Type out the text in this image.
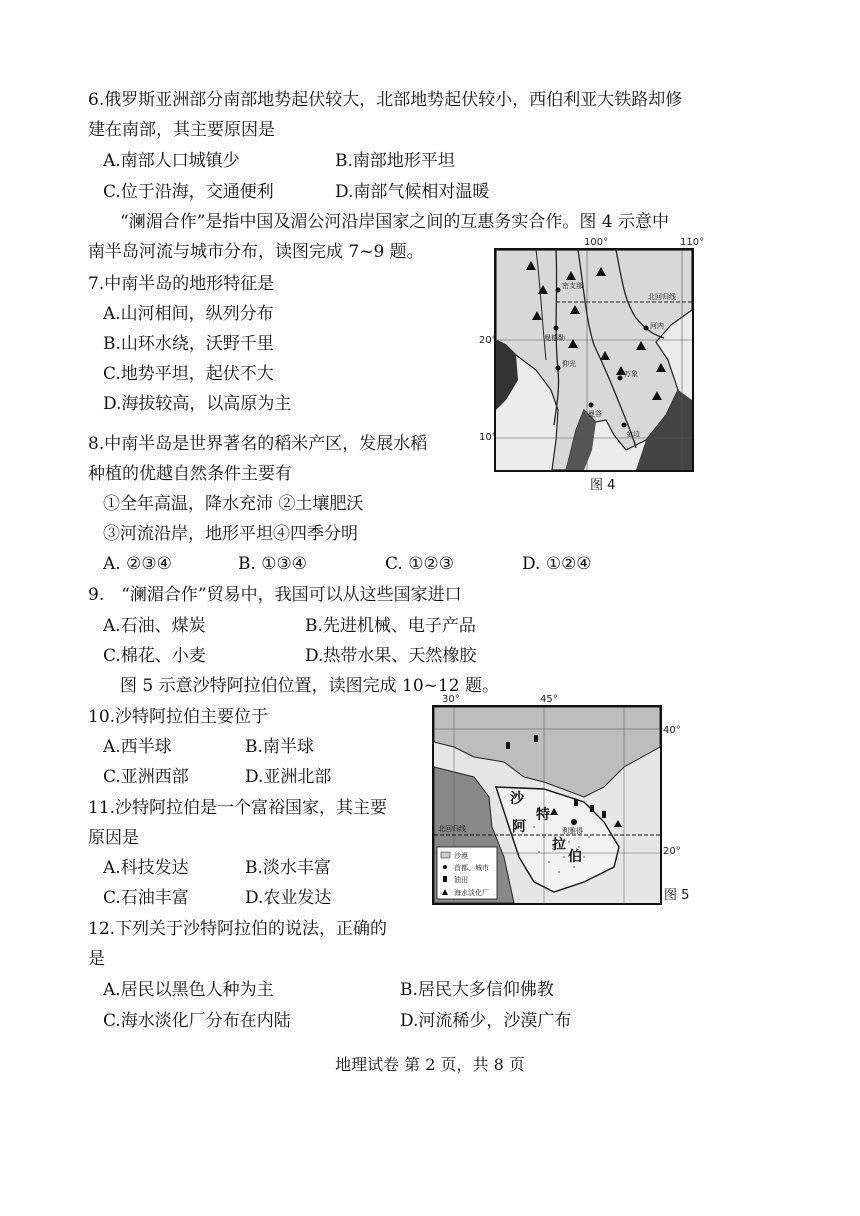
6.俄罗斯亚洲部分南部地势起伏较大，北部地势起伏较小，西伯利亚大铁路却修
建在南部，其主要原因是
A.南部人口城镇少	B.南部地形平坦
C.位于沿海，交通便利	D.南部气候相对温暖
“澜湄合作”是指中国及湄公河沿岸国家之间的互惠务实合作。图 4 示意中
南半岛河流与城市分布，读图完成 7~9 题。
7.中南半岛的地形特征是
A.山河相间，纵列分布
B.山环水绕，沃野千里
C.地势平坦，起伏不大
D.海拔较高，以高原为主
8.中南半岛是世界著名的稻米产区，发展水稻
种植的优越自然条件主要有
①全年高温，降水充沛 ②土壤肥沃
③河流沿岸，地形平坦④四季分明
A. ②③④	B. ①③④	C. ①②③	D. ①②④
9.　“澜湄合作”贸易中，我国可以从这些国家进口
A.石油、煤炭	B.先进机械、电子产品
C.棉花、小麦	D.热带水果、天然橡胶
图 5 示意沙特阿拉伯位置，读图完成 10~12 题。
10.沙特阿拉伯主要位于
A.西半球	B.南半球
C.亚洲西部	D.亚洲北部
11.沙特阿拉伯是一个富裕国家，其主要
原因是
A.科技发达	B.淡水丰富
C.石油丰富	D.农业发达
12.下列关于沙特阿拉伯的说法，正确的
是
A.居民以黑色人种为主	B.居民大多信仰佛教
C.海水淡化厂分布在内陆	D.河流稀少，沙漠广布
100°	110°
密支那
曼德勒
河内
北回归线
万象
仰光
曼谷
金边
20°
10°
图 4
30°	45°
利雅得
沙
特
阿
拉
伯
北回归线
沙漠
首都、城市
油田
海水淡化厂
40°
20°
图 5
地理试卷 第 2 页，共 8 页
